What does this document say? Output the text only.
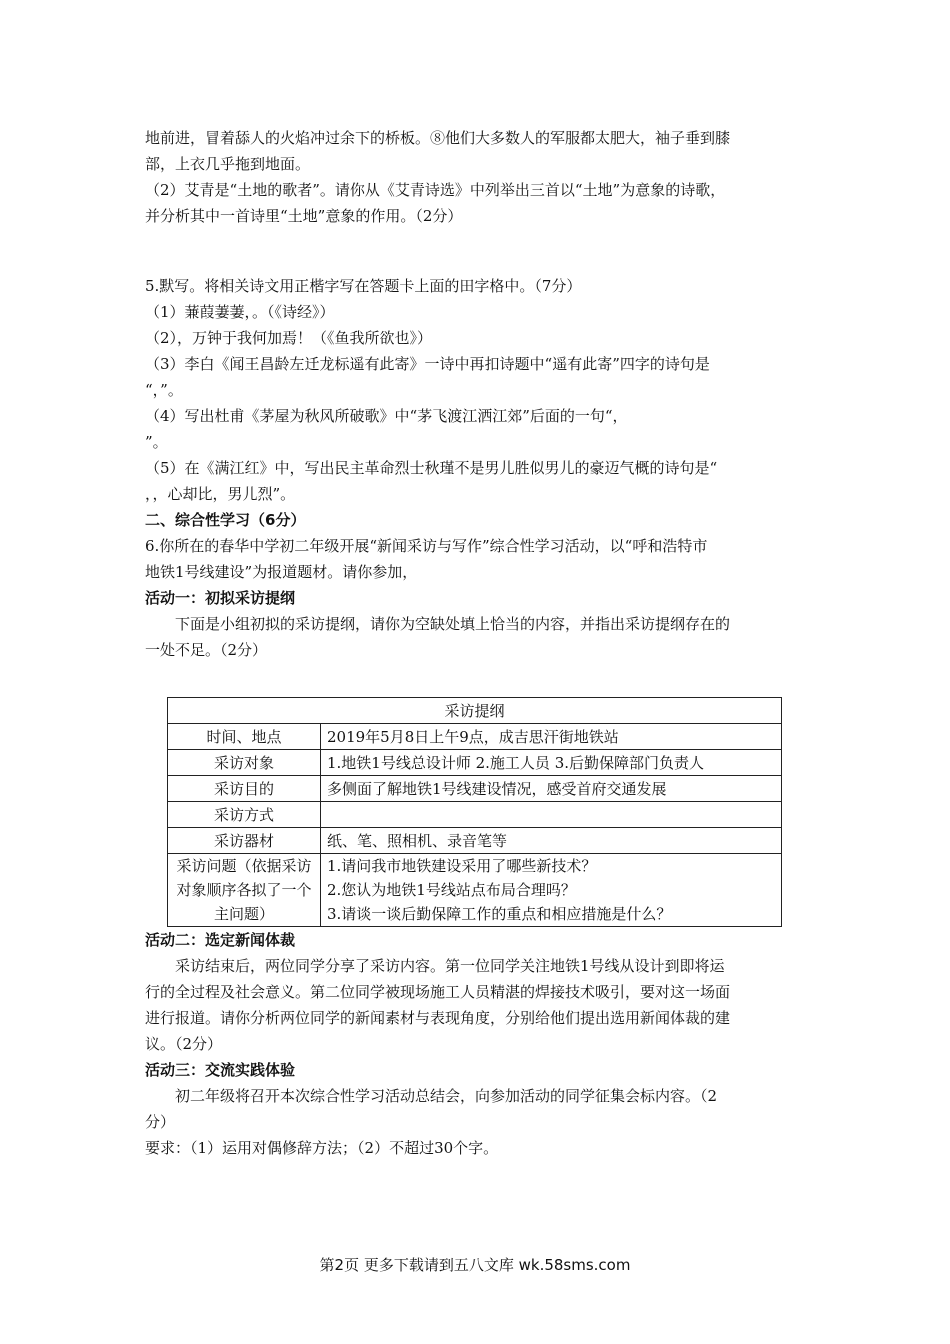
地前进，冒着舔人的火焰冲过余下的桥板。⑧他们大多数人的军服都太肥大，袖子垂到膝
部，上衣几乎拖到地面。
（2）艾青是“土地的歌者”。请你从《艾青诗选》中列举出三首以“土地”为意象的诗歌，
并分析其中一首诗里“土地”意象的作用。（2分）
5.默写。将相关诗文用正楷字写在答题卡上面的田字格中。（7分）
（1）蒹葭萋萋，。（《诗经》）
（2），万钟于我何加焉！（《鱼我所欲也》）
（3）李白《闻王昌龄左迁龙标遥有此寄》一诗中再扣诗题中“遥有此寄”四字的诗句是
“，”。
（4）写出杜甫《茅屋为秋风所破歌》中“茅飞渡江洒江郊”后面的一句“，
”。
（5）在《满江红》中，写出民主革命烈士秋瑾不是男儿胜似男儿的豪迈气概的诗句是“
，，心却比，男儿烈”。
二、综合性学习（6分）
6.你所在的春华中学初二年级开展“新闻采访与写作”综合性学习活动，以“呼和浩特市
地铁1号线建设”为报道题材。请你参加，
活动一：初拟采访提纲
下面是小组初拟的采访提纲，请你为空缺处填上恰当的内容，并指出采访提纲存在的
一处不足。（2分）
采访提纲	
时间、地点	2019年5月8日上午9点，成吉思汗街地铁站
采访对象	1.地铁1号线总设计师 2.施工人员 3.后勤保障部门负责人
采访目的	多侧面了解地铁1号线建设情况，感受首府交通发展
采访方式	
采访器材	纸、笔、照相机、录音笔等
采访问题（依据采访对象顺序各拟了一个主问题）	1.请问我市地铁建设采用了哪些新技术？
2.您认为地铁1号线站点布局合理吗？
3.请谈一谈后勤保障工作的重点和相应措施是什么？
活动二：选定新闻体裁
采访结束后，两位同学分享了采访内容。第一位同学关注地铁1号线从设计到即将运
行的全过程及社会意义。第二位同学被现场施工人员精湛的焊接技术吸引，要对这一场面
进行报道。请你分析两位同学的新闻素材与表现角度，分别给他们提出选用新闻体裁的建
议。（2分）
活动三：交流实践体验
初二年级将召开本次综合性学习活动总结会，向参加活动的同学征集会标内容。（2
分）
要求：（1）运用对偶修辞方法；（2）不超过30个字。
第2页 更多下载请到五八文库 wk.58sms.com
